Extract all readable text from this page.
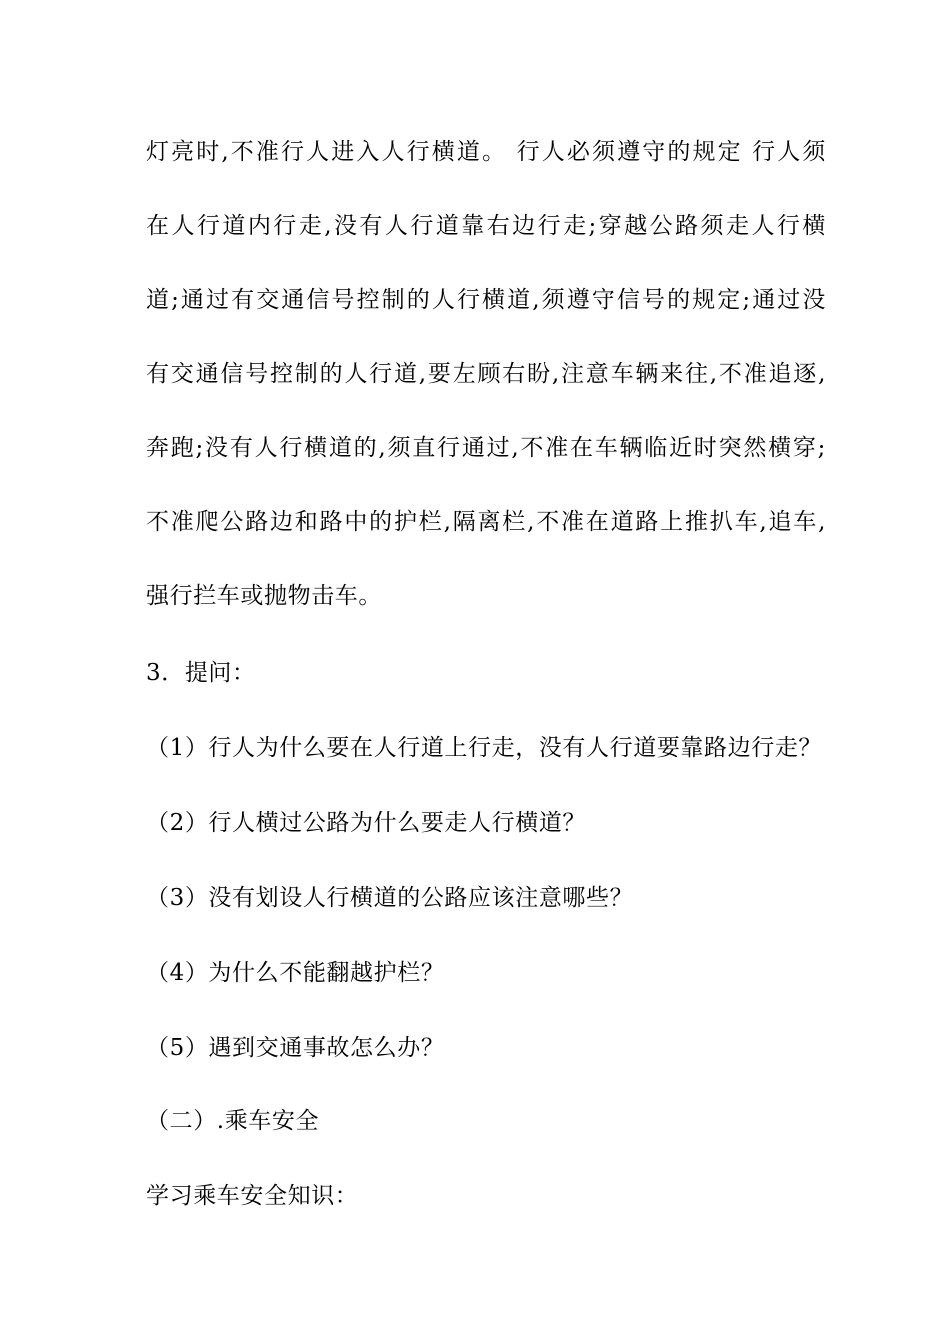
灯亮时,不准行人进入人行横道。 行人必须遵守的规定 行人须
在人行道内行走,没有人行道靠右边行走;穿越公路须走人行横
道;通过有交通信号控制的人行横道,须遵守信号的规定;通过没
有交通信号控制的人行道,要左顾右盼,注意车辆来往,不准追逐,
奔跑;没有人行横道的,须直行通过,不准在车辆临近时突然横穿;
不准爬公路边和路中的护栏,隔离栏,不准在道路上推扒车,追车,
强行拦车或抛物击车。
3．提问：
（1）行人为什么要在人行道上行走，没有人行道要靠路边行走？
（2）行人横过公路为什么要走人行横道？
（3）没有划设人行横道的公路应该注意哪些？
（4）为什么不能翻越护栏？
（5）遇到交通事故怎么办？
（二）.乘车安全
学习乘车安全知识：
